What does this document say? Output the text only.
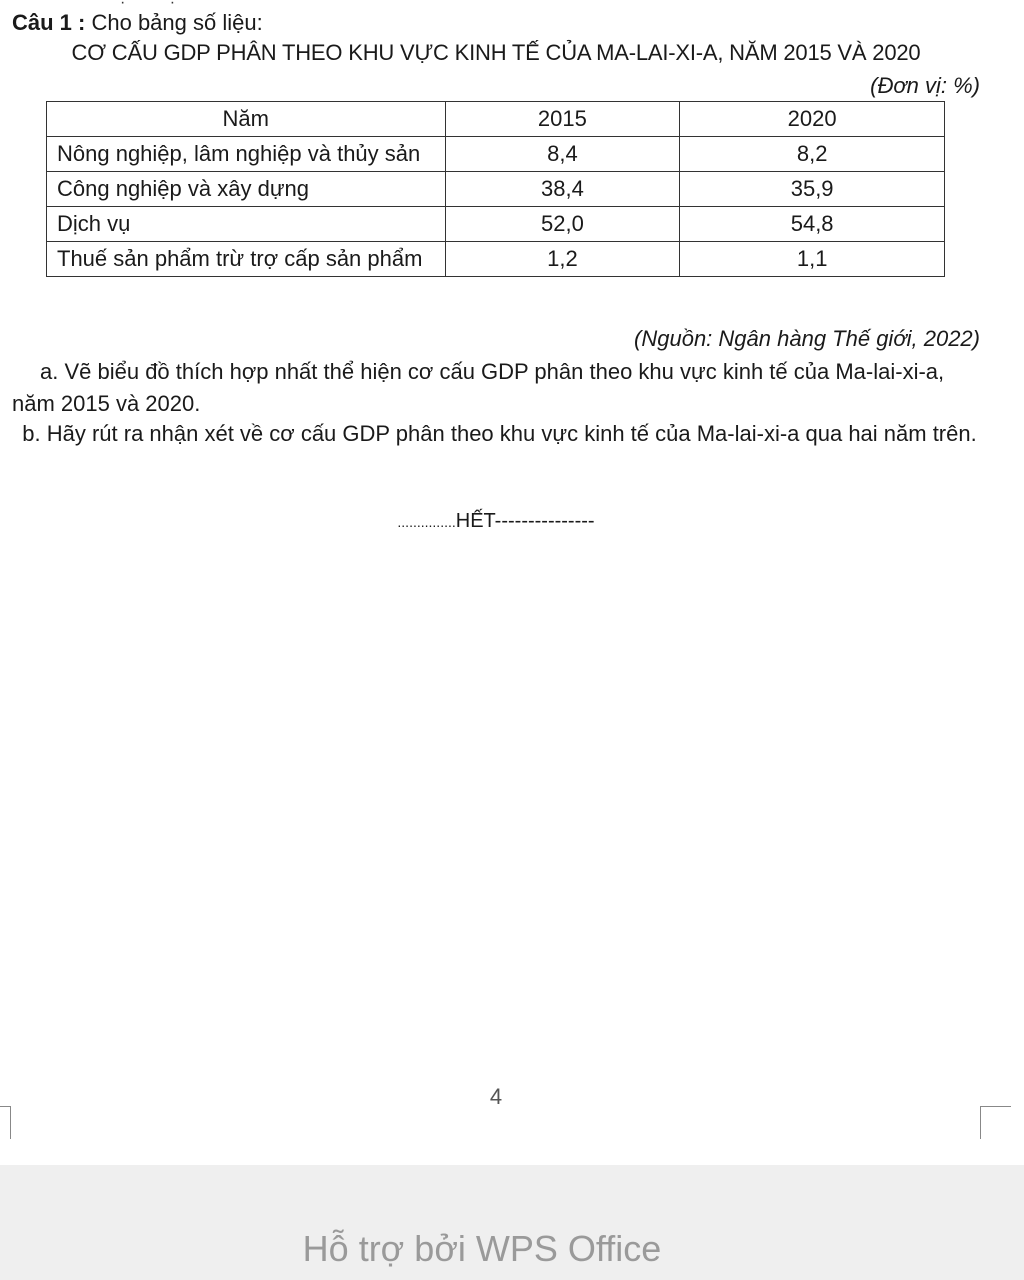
· ·
Câu 1 : Cho bảng số liệu:
CƠ CẤU GDP PHÂN THEO KHU VỰC KINH TẾ CỦA MA-LAI-XI-A, NĂM 2015 VÀ 2020
(Đơn vị: %)
Năm	2015	2020
Nông nghiệp, lâm nghiệp và thủy sản	8,4	8,2
Công nghiệp và xây dựng	38,4	35,9
Dịch vụ	52,0	54,8
Thuế sản phẩm trừ trợ cấp sản phẩm	1,2	1,1
(Nguồn: Ngân hàng Thế giới, 2022)
a. Vẽ biểu đồ thích hợp nhất thể hiện cơ cấu GDP phân theo khu vực kinh tế của Ma-lai-xi-a, năm 2015 và 2020.
b. Hãy rút ra nhận xét về cơ cấu GDP phân theo khu vực kinh tế của Ma-lai-xi-a qua hai năm trên.
...............HẾT---------------
4
Hỗ trợ bởi WPS Office
